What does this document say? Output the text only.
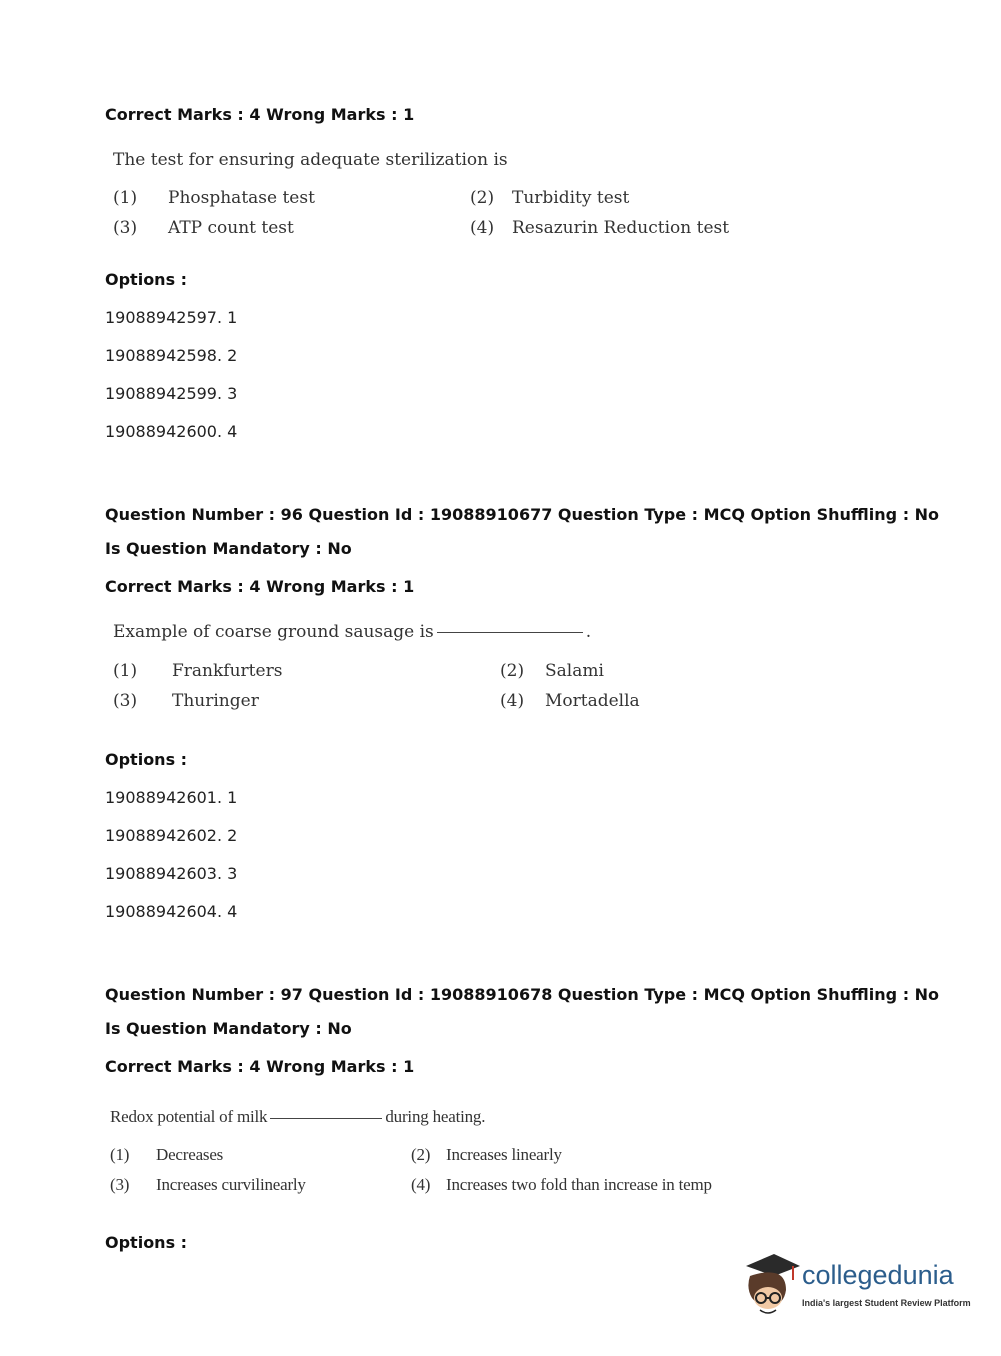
Correct Marks : 4 Wrong Marks : 1
The test for ensuring adequate sterilization is
(1) Phosphatase test	(2) Turbidity test
(3) ATP count test	(4) Resazurin Reduction test
Options :
19088942597. 1
19088942598. 2
19088942599. 3
19088942600. 4
Question Number : 96 Question Id : 19088910677 Question Type : MCQ Option Shuffling : No
Is Question Mandatory : No
Correct Marks : 4 Wrong Marks : 1
Example of coarse ground sausage is	.
(1) Frankfurters	(2) Salami
(3) Thuringer	(4) Mortadella
Options :
19088942601. 1
19088942602. 2
19088942603. 3
19088942604. 4
Question Number : 97 Question Id : 19088910678 Question Type : MCQ Option Shuffling : No
Is Question Mandatory : No
Correct Marks : 4 Wrong Marks : 1
Redox potential of milk	during heating.
(1) Decreases	(2) Increases linearly
(3) Increases curvilinearly	(4) Increases two fold than increase in temp
Options :
collegedunia
India's largest Student Review Platform
